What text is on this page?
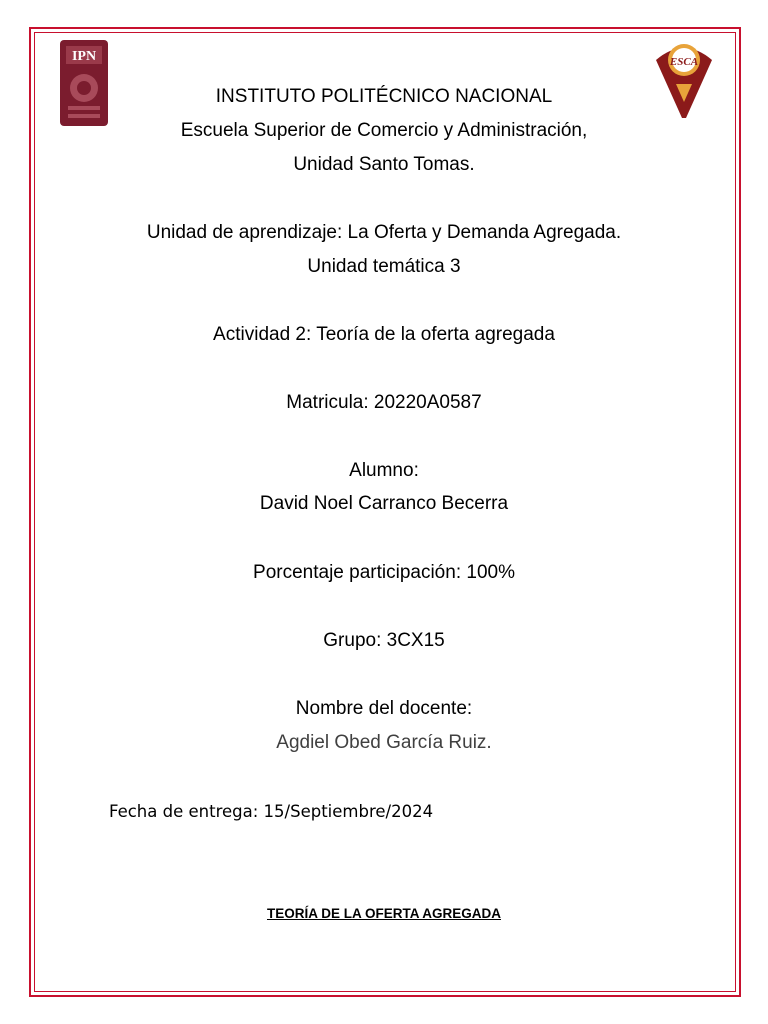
IPN	ESCA
INSTITUTO POLITÉCNICO NACIONAL
Escuela Superior de Comercio y Administración,
Unidad Santo Tomas.
Unidad de aprendizaje: La Oferta y Demanda Agregada.
Unidad temática 3
Actividad 2: Teoría de la oferta agregada
Matricula: 20220A0587
Alumno:
David Noel Carranco Becerra
Porcentaje participación: 100%
Grupo: 3CX15
Nombre del docente:
Agdiel Obed García Ruiz.
Fecha de entrega: 15/Septiembre/2024
TEORÍA DE LA OFERTA AGREGADA
